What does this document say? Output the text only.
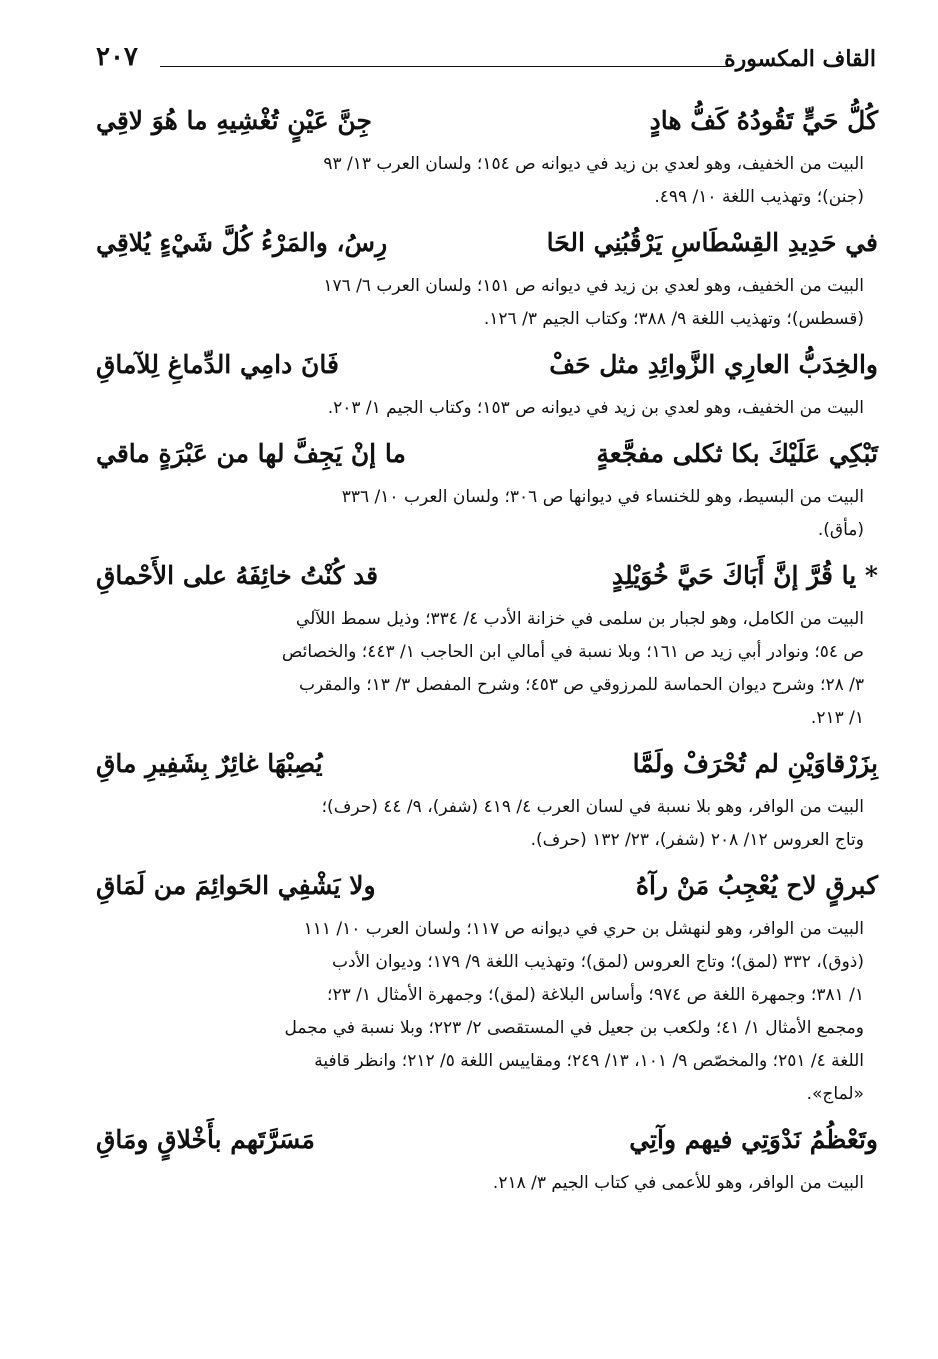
القاف المكسورة
٢٠٧
كُلُّ حَيٍّ تَقُودُهُ كَفُّ هادٍ
جِنَّ عَيْنٍ تُغْشِيهِ ما هُوَ لاقِي
البيت من الخفيف، وهو لعدي بن زيد في ديوانه ص ١٥٤؛ ولسان العرب ١٣/ ٩٣
(جنن)؛ وتهذيب اللغة ١٠/ ٤٩٩.
في حَدِيدِ القِسْطَاسِ يَرْقُبُنِي الحَا
رِسُ، والمَرْءُ كُلَّ شَيْءٍ يُلاقِي
البيت من الخفيف، وهو لعدي بن زيد في ديوانه ص ١٥١؛ ولسان العرب ٦/ ١٧٦
(قسطس)؛ وتهذيب اللغة ٩/ ٣٨٨؛ وكتاب الجيم ٣/ ١٢٦.
والخِدَبُّ العارِي الزَّوائِدِ مثل حَفْ
فَانَ دامِي الدِّماغِ لِلآماقِ
البيت من الخفيف، وهو لعدي بن زيد في ديوانه ص ١٥٣؛ وكتاب الجيم ١/ ٢٠٣.
تَبْكِي عَلَيْكَ بكا ثكلى مفجَّعةٍ
ما إنْ يَجِفَّ لها من عَبْرَةٍ ماقي
البيت من البسيط، وهو للخنساء في ديوانها ص ٣٠٦؛ ولسان العرب ١٠/ ٣٣٦
(مأق).
* يا قُرَّ إنَّ أَبَاكَ حَيَّ خُوَيْلِدٍ
قد كُنْتُ خائِفَهُ على الأَحْماقِ
البيت من الكامل، وهو لجبار بن سلمى في خزانة الأدب ٤/ ٣٣٤؛ وذيل سمط اللآلي
ص ٥٤؛ ونوادر أبي زيد ص ١٦١؛ وبلا نسبة في أمالي ابن الحاجب ١/ ٤٤٣؛ والخصائص
٣/ ٢٨؛ وشرح ديوان الحماسة للمرزوقي ص ٤٥٣؛ وشرح المفصل ٣/ ١٣؛ والمقرب
١/ ٢١٣.
بِزَرْقاوَيْنِ لم تُحْرَفْ ولَمَّا
يُصِبْهَا غائِرٌ بِشَفِيرِ ماقِ
البيت من الوافر، وهو بلا نسبة في لسان العرب ٤/ ٤١٩ (شفر)، ٩/ ٤٤ (حرف)؛
وتاج العروس ١٢/ ٢٠٨ (شفر)، ٢٣/ ١٣٢ (حرف).
كبرقٍ لاح يُعْجِبُ مَنْ رآهُ
ولا يَشْفِي الحَوائِمَ من لَمَاقِ
البيت من الوافر، وهو لنهشل بن حري في ديوانه ص ١١٧؛ ولسان العرب ١٠/ ١١١
(ذوق)، ٣٣٢ (لمق)؛ وتاج العروس (لمق)؛ وتهذيب اللغة ٩/ ١٧٩؛ وديوان الأدب
١/ ٣٨١؛ وجمهرة اللغة ص ٩٧٤؛ وأساس البلاغة (لمق)؛ وجمهرة الأمثال ١/ ٢٣؛
ومجمع الأمثال ١/ ٤١؛ ولكعب بن جعيل في المستقصى ٢/ ٢٢٣؛ وبلا نسبة في مجمل
اللغة ٤/ ٢٥١؛ والمخصّص ٩/ ١٠١، ١٣/ ٢٤٩؛ ومقاييس اللغة ٥/ ٢١٢؛ وانظر قافية
«لماج».
وتَعْظُمُ نَدْوَتِي فيهم وآتِي
مَسَرَّتَهم بأَخْلاقٍ ومَاقِ
البيت من الوافر، وهو للأعمى في كتاب الجيم ٣/ ٢١٨.
